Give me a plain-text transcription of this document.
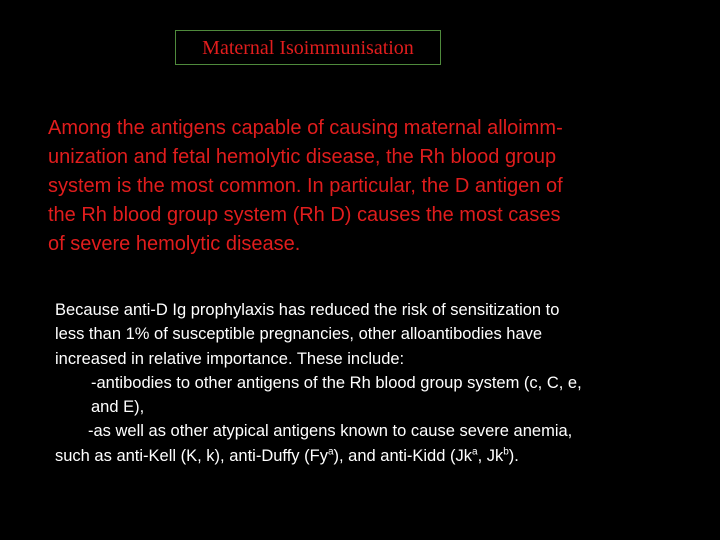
Maternal Isoimmunisation

Among the antigens capable of causing maternal alloimm-
unization and fetal hemolytic disease, the Rh blood group
system is the most common. In particular, the D antigen of
the Rh blood group system (Rh D) causes the most cases
of severe hemolytic disease.

Because anti-D Ig prophylaxis has reduced the risk of sensitization to
less than 1% of susceptible pregnancies, other alloantibodies have
increased in relative importance. These include:
-antibodies to other antigens of the Rh blood group system (c, C, e,
and E),
-as well as other atypical antigens known to cause severe anemia,
such as anti-Kell (K, k), anti-Duffy (Fy$^a$), and anti-Kidd (Jk$^a$, Jk$^b$).
